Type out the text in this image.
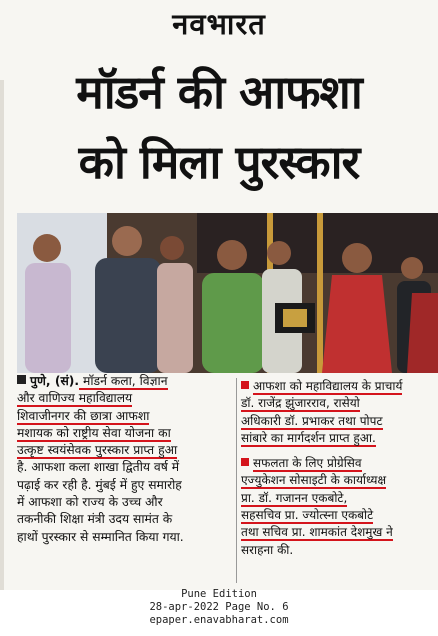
नवभारत
मॉडर्न की आफशा
को मिला पुरस्कार

पुणे, (सं). मॉडर्न कला, विज्ञान
और वाणिज्य महाविद्यालय
शिवाजीनगर की छात्रा आफशा
मशायक को राष्ट्रीय सेवा योजना का
उत्कृष्ट स्वयंसेवक पुरस्कार प्राप्त हुआ
है. आफशा कला शाखा द्वितीय वर्ष में
पढ़ाई कर रही है. मुंबई में हुए समारोह
में आफशा को राज्य के उच्च और
तकनीकी शिक्षा मंत्री उदय सामंत के
हाथों पुरस्कार से सम्मानित किया गया.

आफशा को महाविद्यालय के प्राचार्य
डॉ. राजेंद्र झुंजारराव, रासेयो
अधिकारी डॉ. प्रभाकर तथा पोपट
सांबारे का मार्गदर्शन प्राप्त हुआ.

सफलता के लिए प्रोग्रेसिव
एज्युकेशन सोसाइटी के कार्याध्यक्ष
प्रा. डॉ. गजानन एकबोटे,
सहसचिव प्रा. ज्योत्स्ना एकबोटे
तथा सचिव प्रा. शामकांत देशमुख ने
सराहना की.

Pune Edition
28-apr-2022 Page No. 6
epaper.enavabharat.com
